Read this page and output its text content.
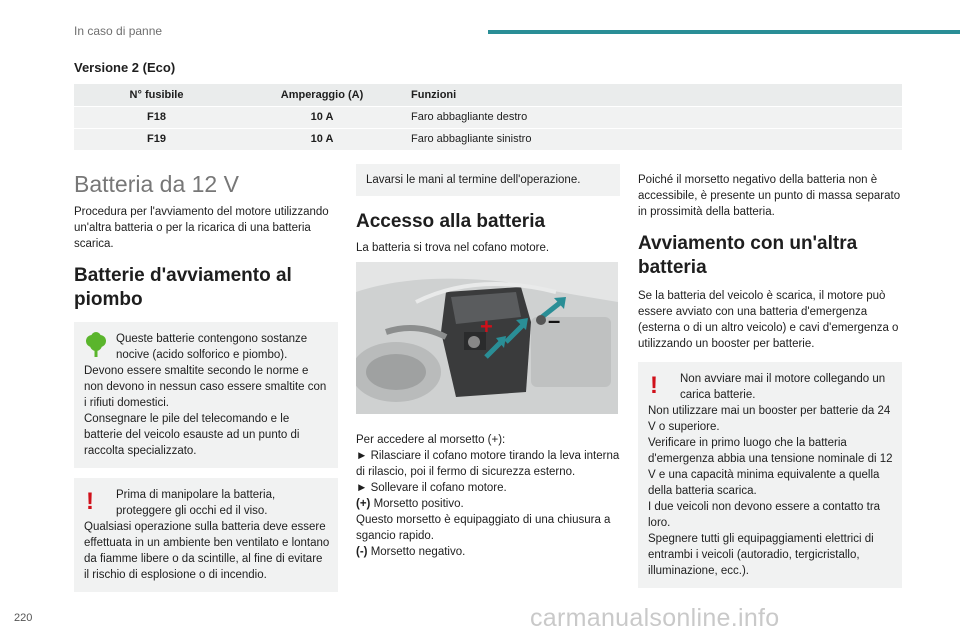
In caso di panne
Versione 2 (Eco)
N° fusibile	Amperaggio (A)	Funzioni
F18	10 A	Faro abbagliante destro
F19	10 A	Faro abbagliante sinistro
Batteria da 12 V
Procedura per l'avviamento del motore utilizzando un'altra batteria o per la ricarica di una batteria scarica.
Batterie d'avviamento al piombo
Queste batterie contengono sostanze nocive (acido solforico e piombo).
Devono essere smaltite secondo le norme e non devono in nessun caso essere smaltite con i rifiuti domestici.
Consegnare le pile del telecomando e le batterie del veicolo esauste ad un punto di raccolta specializzato.
!	Prima di manipolare la batteria, proteggere gli occhi ed il viso.
Qualsiasi operazione sulla batteria deve essere effettuata in un ambiente ben ventilato e lontano da fiamme libere o da scintille, al fine di evitare il rischio di esplosione o di incendio.
Lavarsi le mani al termine dell'operazione.
Accesso alla batteria
La batteria si trova nel cofano motore.
+	–
Per accedere al morsetto (+):
► Rilasciare il cofano motore tirando la leva interna di rilascio, poi il fermo di sicurezza esterno.
► Sollevare il cofano motore.
(+) Morsetto positivo.
Questo morsetto è equipaggiato di una chiusura a sgancio rapido.
(-) Morsetto negativo.
Poiché il morsetto negativo della batteria non è accessibile, è presente un punto di massa separato in prossimità della batteria.
Avviamento con un'altra batteria
Se la batteria del veicolo è scarica, il motore può essere avviato con una batteria d'emergenza (esterna o di un altro veicolo) e cavi d'emergenza o utilizzando un booster per batterie.
!	Non avviare mai il motore collegando un carica batterie.
Non utilizzare mai un booster per batterie da 24 V o superiore.
Verificare in primo luogo che la batteria d'emergenza abbia una tensione nominale di 12 V e una capacità minima equivalente a quella della batteria scarica.
I due veicoli non devono essere a contatto tra loro.
Spegnere tutti gli equipaggiamenti elettrici di entrambi i veicoli (autoradio, tergicristallo, illuminazione, ecc.).
220	carmanualsonline.info
